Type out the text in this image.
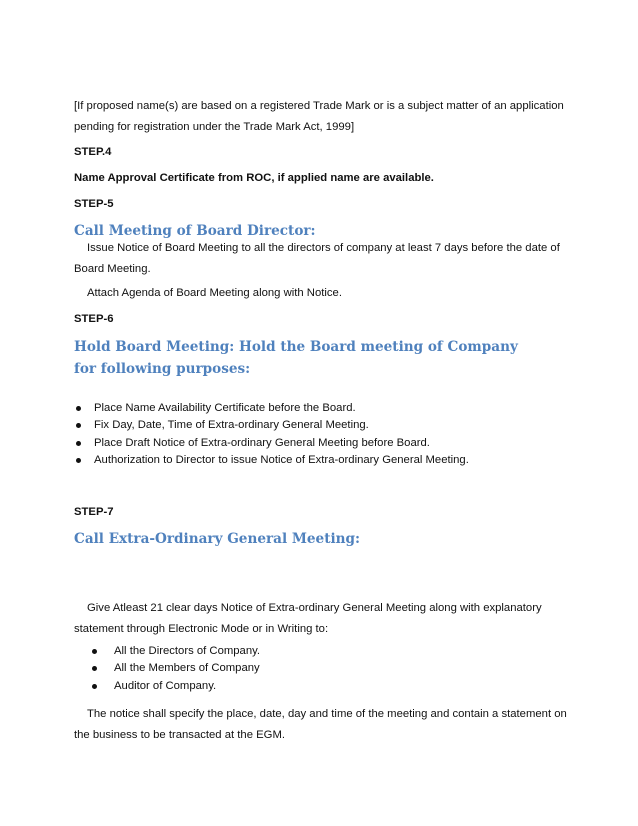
[If proposed name(s) are based on a registered Trade Mark or is a subject matter of an application pending for registration under the Trade Mark Act, 1999]

STEP.4

Name Approval Certificate from ROC, if applied name are available.

STEP-5

Call Meeting of Board Director:

Issue Notice of Board Meeting to all the directors of company at least 7 days before the date of Board Meeting.

Attach Agenda of Board Meeting along with Notice.

STEP-6

Hold Board Meeting: Hold the Board meeting of Company for following purposes:
Place Name Availability Certificate before the Board.
Fix Day, Date, Time of Extra-ordinary General Meeting.
Place Draft Notice of Extra-ordinary General Meeting before Board.
Authorization to Director to issue Notice of Extra-ordinary General Meeting.

STEP-7

Call Extra-Ordinary General Meeting:

Give Atleast 21 clear days Notice of Extra-ordinary General Meeting along with explanatory statement through Electronic Mode or in Writing to:

All the Directors of Company.
All the Members of Company
Auditor of Company.

The notice shall specify the place, date, day and time of the meeting and contain a statement on the business to be transacted at the EGM.
